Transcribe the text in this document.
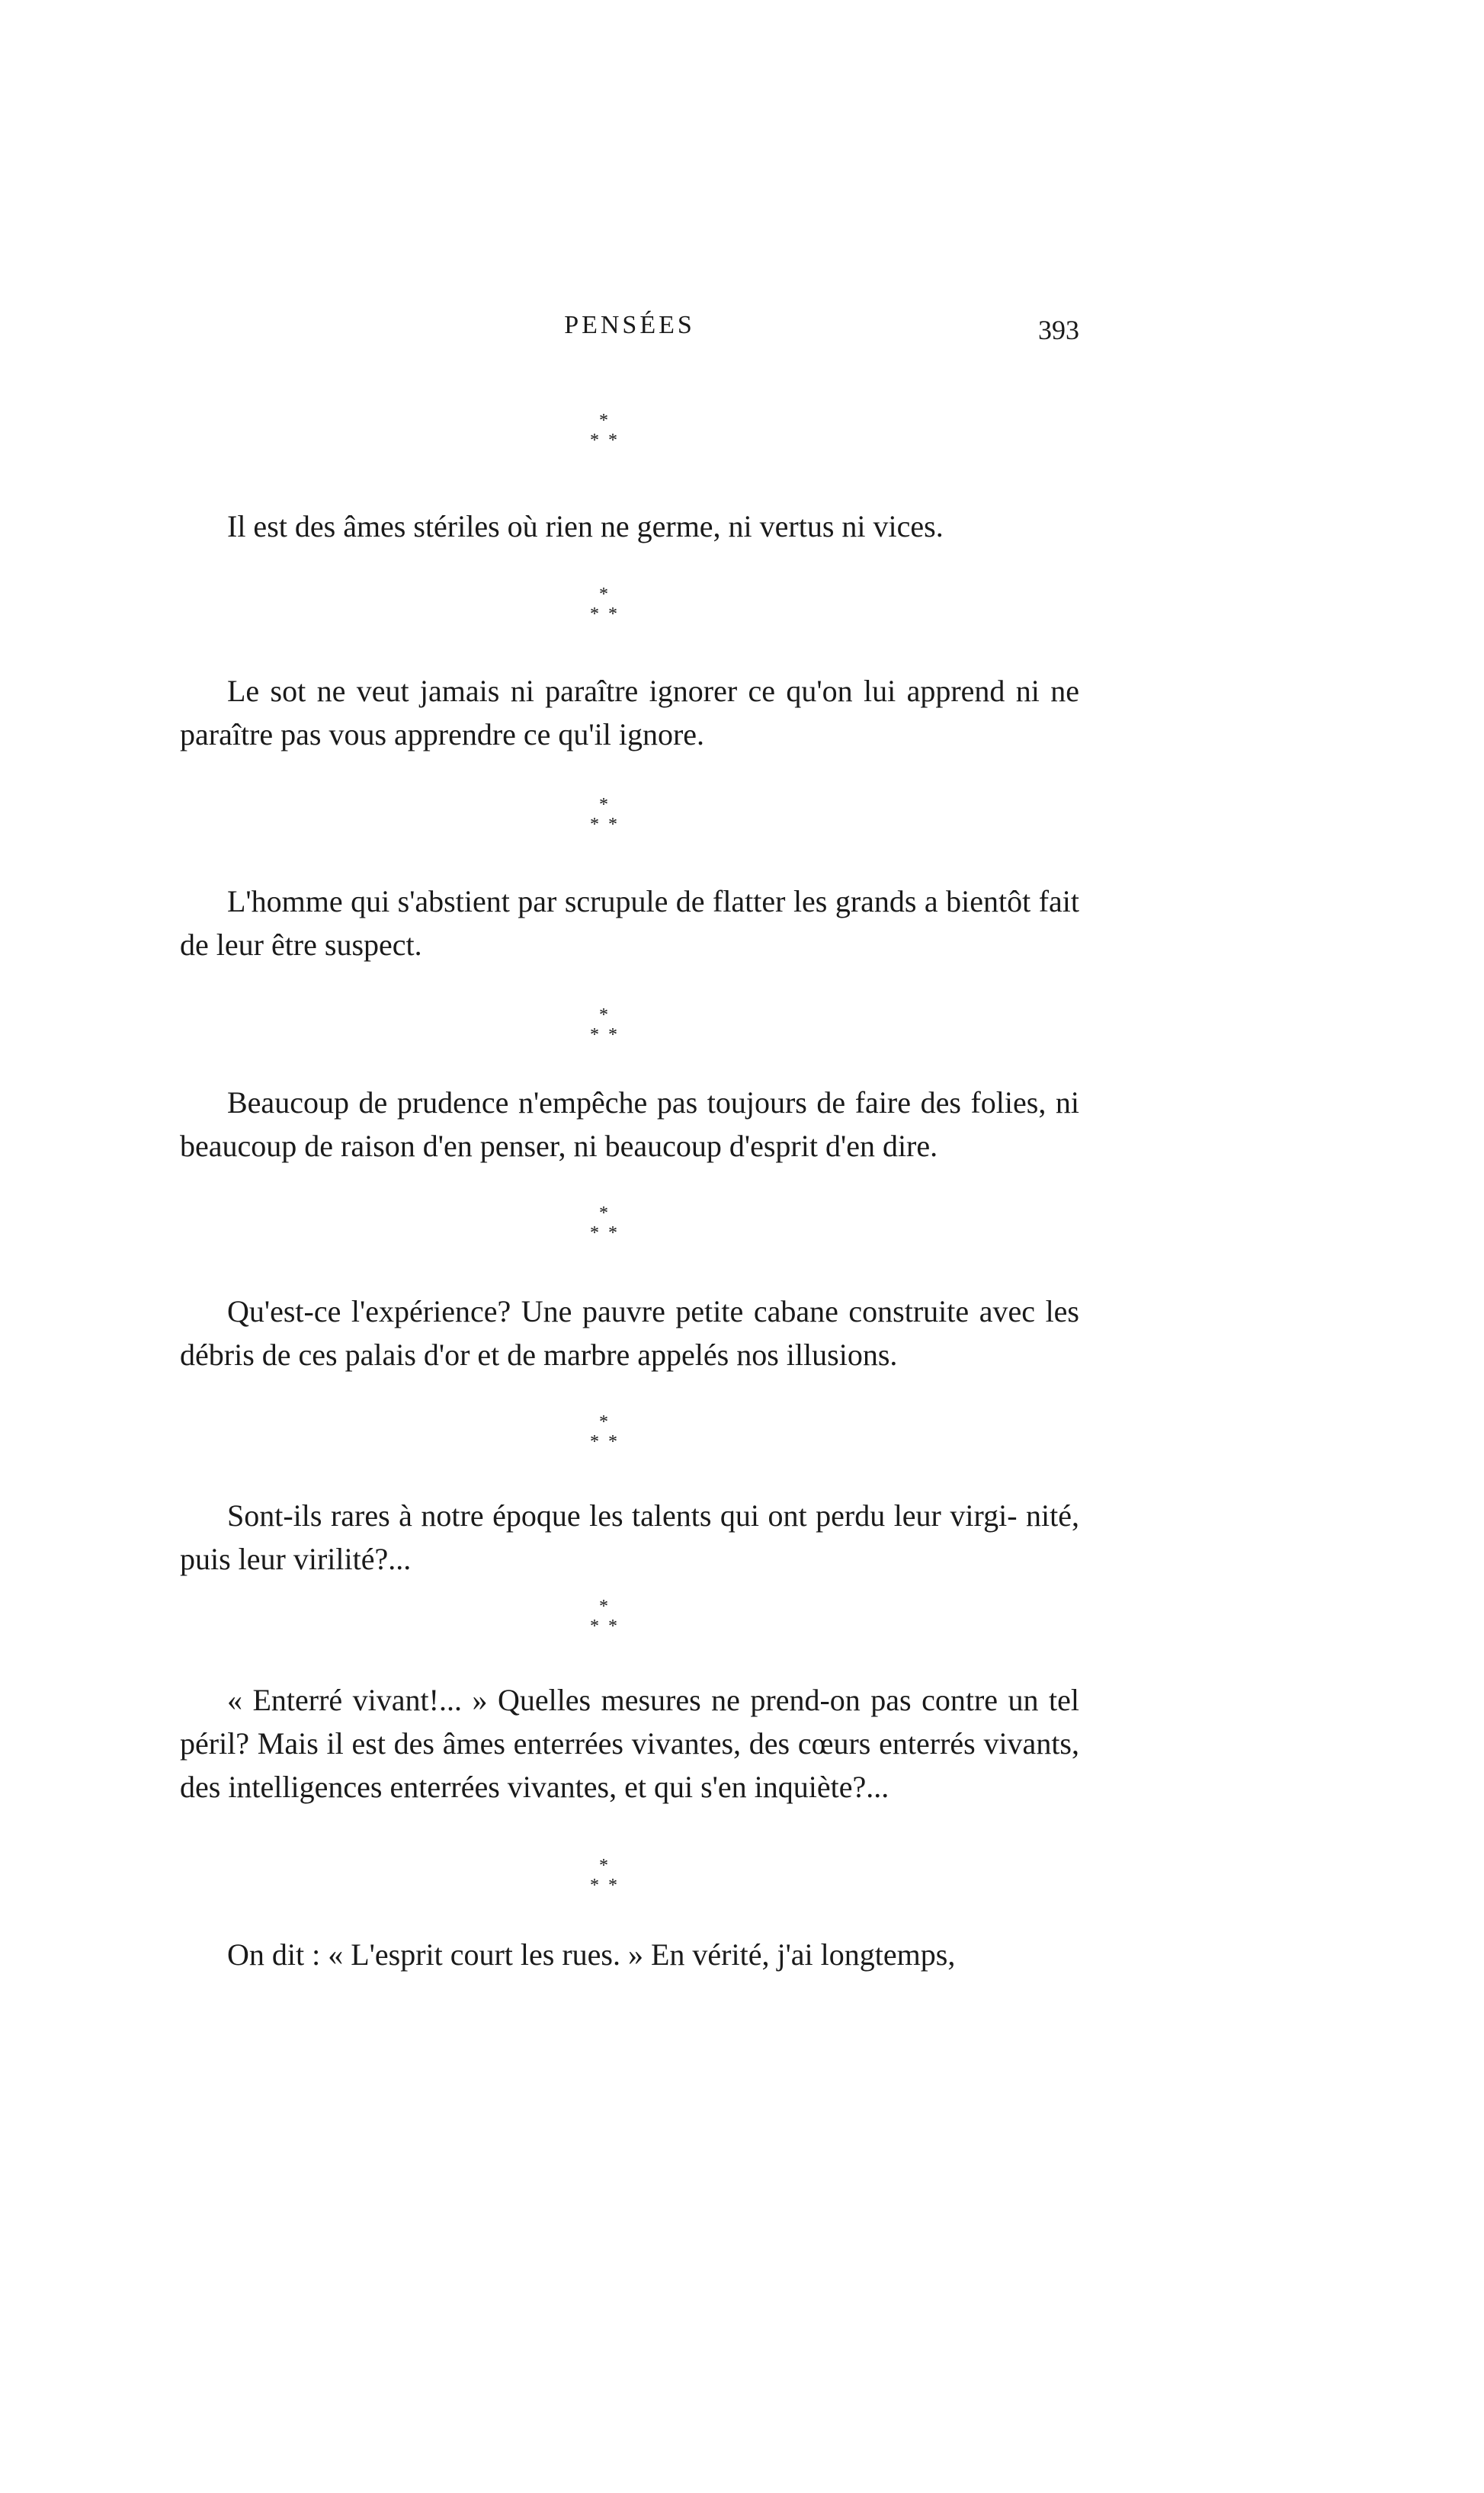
PENSÉES	393
*
* *

Il est des âmes stériles où rien ne germe, ni vertus ni vices.

*
* *

Le sot ne veut jamais ni paraître ignorer ce qu'on lui apprend ni ne paraître pas vous apprendre ce qu'il ignore.

*
* *

L'homme qui s'abstient par scrupule de flatter les grands a bientôt fait de leur être suspect.

*
* *

Beaucoup de prudence n'empêche pas toujours de faire des folies, ni beaucoup de raison d'en penser, ni beaucoup d'esprit d'en dire.

*
* *

Qu'est-ce l'expérience? Une pauvre petite cabane construite avec les débris de ces palais d'or et de marbre appelés nos illusions.

*
* *

Sont-ils rares à notre époque les talents qui ont perdu leur virgi- nité, puis leur virilité?...

*
* *

« Enterré vivant!... » Quelles mesures ne prend-on pas contre un tel péril? Mais il est des âmes enterrées vivantes, des cœurs enterrés vivants, des intelligences enterrées vivantes, et qui s'en inquiète?...

*
* *

On dit : « L'esprit court les rues. » En vérité, j'ai longtemps,
